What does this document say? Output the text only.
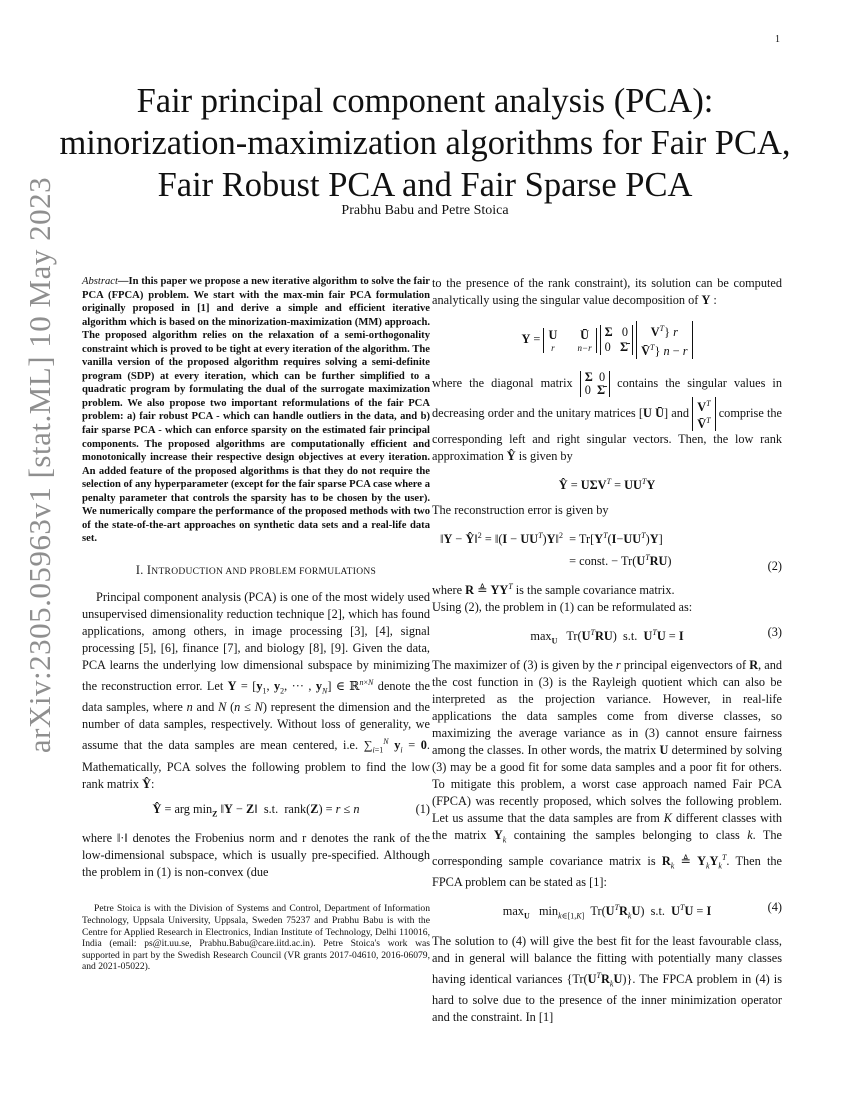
1
arXiv:2305.05963v1 [stat.ML] 10 May 2023
Fair principal component analysis (PCA):
minorization-maximization algorithms for Fair PCA,
Fair Robust PCA and Fair Sparse PCA
Prabhu Babu and Petre Stoica

Abstract—In this paper we propose a new iterative algorithm to solve the fair PCA (FPCA) problem. We start with the max-min fair PCA formulation originally proposed in [1] and derive a simple and efficient iterative algorithm which is based on the minorization-maximization (MM) approach. The proposed algorithm relies on the relaxation of a semi-orthogonality constraint which is proved to be tight at every iteration of the algorithm. The vanilla version of the proposed algorithm requires solving a semi-definite program (SDP) at every iteration, which can be further simplified to a quadratic program by formulating the dual of the surrogate maximization problem. We also propose two important reformulations of the fair PCA problem: a) fair robust PCA - which can handle outliers in the data, and b) fair sparse PCA - which can enforce sparsity on the estimated fair principal components. The proposed algorithms are computationally efficient and monotonically increase their respective design objectives at every iteration. An added feature of the proposed algorithms is that they do not require the selection of any hyperparameter (except for the fair sparse PCA case where a penalty parameter that controls the sparsity has to be chosen by the user). We numerically compare the performance of the proposed methods with two of the state-of-the-art approaches on synthetic data sets and a real-life data set.

I. INTRODUCTION AND PROBLEM FORMULATIONS

Principal component analysis (PCA) is one of the most widely used unsupervised dimensionality reduction technique [2], which has found applications, among others, in image processing [3], [4], signal processing [5], [6], finance [7], and biology [8], [9]. Given the data, PCA learns the underlying low dimensional subspace by minimizing the reconstruction error. Let $Y = [y_1$, $y_2$, ··· , $y_N$] ∈ ℝ$^{n\times N}$ denote the data samples, where n and N (n ≤ N) represent the dimension and the number of data samples, respectively. Without loss of generality, we assume that the data samples are mean centered, i.e. $\sum_{i=1}^N$ $y_i = 0$. Mathematically, PCA solves the following problem to find the low rank matrix Ŷ:

Ŷ = arg $\min_Z$ ‖Y − Z‖  s.t.  rank(Z) = r ≤ n	(1)

where ‖·‖ denotes the Frobenius norm and r denotes the rank of the low-dimensional subspace, which is usually pre-specified. Although the problem in (1) is non-convex (due

Petre Stoica is with the Division of Systems and Control, Department of Information Technology, Uppsala University, Uppsala, Sweden 75237 and Prabhu Babu is with the Centre for Applied Research in Electronics, Indian Institute of Technology, Delhi 110016, India (email: ps@it.uu.se, Prabhu.Babu@care.iitd.ac.in). Petre Stoica's work was supported in part by the Swedish Research Council (VR grants 2017-04610, 2016-06079, and 2021-05022).

to the presence of the rank constraint), its solution can be computed analytically using the singular value decomposition of Y :

Y = U
r
Ū
n−r

Σ   0
0   Σ̄

$V^T$} r
V̄$^T$} n − r

where the diagonal matrix Σ  0
0  Σ̄
contains the singular values in decreasing order and the unitary matrices [U Ū] and $V^T$
V̄$^T$
comprise the corresponding left and right singular vectors. Then, the low rank approximation Ŷ is given by

Ŷ = $U\Sigma V^T = UU^TY$

The reconstruction error is given by

‖Y − Ŷ‖$^2$ = ‖(I − $UU^T)Y‖^2$
= $Tr[Y^T(I-UU^T)Y]$
= const. − $Tr(U^TRU)$	(2)

where R ≜ $YY^T$ is the sample covariance matrix.

Using (2), the problem in (1) can be reformulated as:

$\max_U Tr(U^TRU)$  s.t.  $U^TU = I$	(3)

The maximizer of (3) is given by the r principal eigenvectors of R, and the cost function in (3) is the Rayleigh quotient which can also be interpreted as the projection variance. However, in real-life applications the data samples come from diverse classes, so maximizing the average variance as in (3) cannot ensure fairness among the classes. In other words, the matrix U determined by solving (3) may be a good fit for some data samples and a poor fit for others. To mitigate this problem, a worst case approach named Fair PCA (FPCA) was recently proposed, which solves the following problem. Let us assume that the data samples are from K different classes with the matrix $Y_k$ containing the samples belonging to class k. The corresponding sample covariance matrix is $R_k$ ≜ $Y_kY_k^T$. Then the FPCA problem can be stated as [1]:

$\max_U \min_{k\in[1,K]} Tr(U^TR_kU)$  s.t.  $U^TU = I$	(4)

The solution to (4) will give the best fit for the least favourable class, and in general will balance the fitting with potentially many classes having identical variances $\{Tr(U^TR_kU)\}$. The FPCA problem in (4) is hard to solve due to the presence of the inner minimization operator and the constraint. In [1]
